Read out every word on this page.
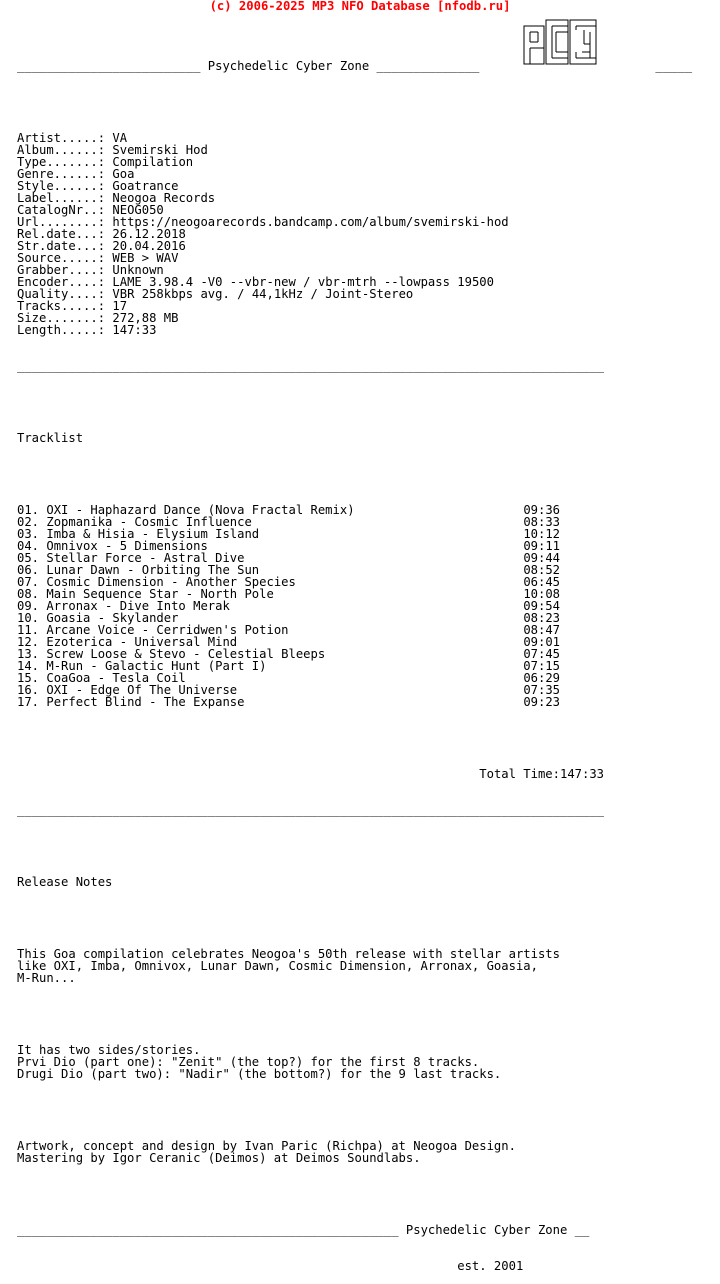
(c) 2006-2025 MP3 NFO Database [nfodb.ru]

_________________________ Psychedelic Cyber Zone ______________                        _____

Artist.....: VA
Album......: Svemirski Hod
Type.......: Compilation
Genre......: Goa
Style......: Goatrance
Label......: Neogoa Records
CatalogNr..: NEOG050
Url........: https://neogoarecords.bandcamp.com/album/svemirski-hod
Rel.date...: 26.12.2018
Str.date...: 20.04.2016
Source.....: WEB > WAV
Grabber....: Unknown
Encoder....: LAME 3.98.4 -V0 --vbr-new / vbr-mtrh --lowpass 19500
Quality....: VBR 258kbps avg. / 44,1kHz / Joint-Stereo
Tracks.....: 17
Size.......: 272,88 MB
Length.....: 147:33

________________________________________________________________________________

Tracklist

01. OXI - Haphazard Dance (Nova Fractal Remix)	09:36
02. Zopmanika - Cosmic Influence	08:33
03. Imba & Hisia - Elysium Island	10:12
04. Omnivox - 5 Dimensions	09:11
05. Stellar Force - Astral Dive	09:44
06. Lunar Dawn - Orbiting The Sun	08:52
07. Cosmic Dimension - Another Species	06:45
08. Main Sequence Star - North Pole	10:08
09. Arronax - Dive Into Merak	09:54
10. Goasia - Skylander	08:23
11. Arcane Voice - Cerridwen's Potion	08:47
12. Ezoterica - Universal Mind	09:01
13. Screw Loose & Stevo - Celestial Bleeps	07:45
14. M-Run - Galactic Hunt (Part I)	07:15
15. CoaGoa - Tesla Coil	06:29
16. OXI - Edge Of The Universe	07:35
17. Perfect Blind - The Expanse	09:23

Total Time:147:33

________________________________________________________________________________

Release Notes

This Goa compilation celebrates Neogoa's 50th release with stellar artists
like OXI, Imba, Omnivox, Lunar Dawn, Cosmic Dimension, Arronax, Goasia,
M-Run...

It has two sides/stories.
Prvi Dio (part one): "Zenit" (the top?) for the first 8 tracks.
Drugi Dio (part two): "Nadir" (the bottom?) for the 9 last tracks.

Artwork, concept and design by Ivan Paric (Richpa) at Neogoa Design.
Mastering by Igor Ceranic (Deimos) at Deimos Soundlabs.

____________________________________________________ Psychedelic Cyber Zone __

est. 2001
